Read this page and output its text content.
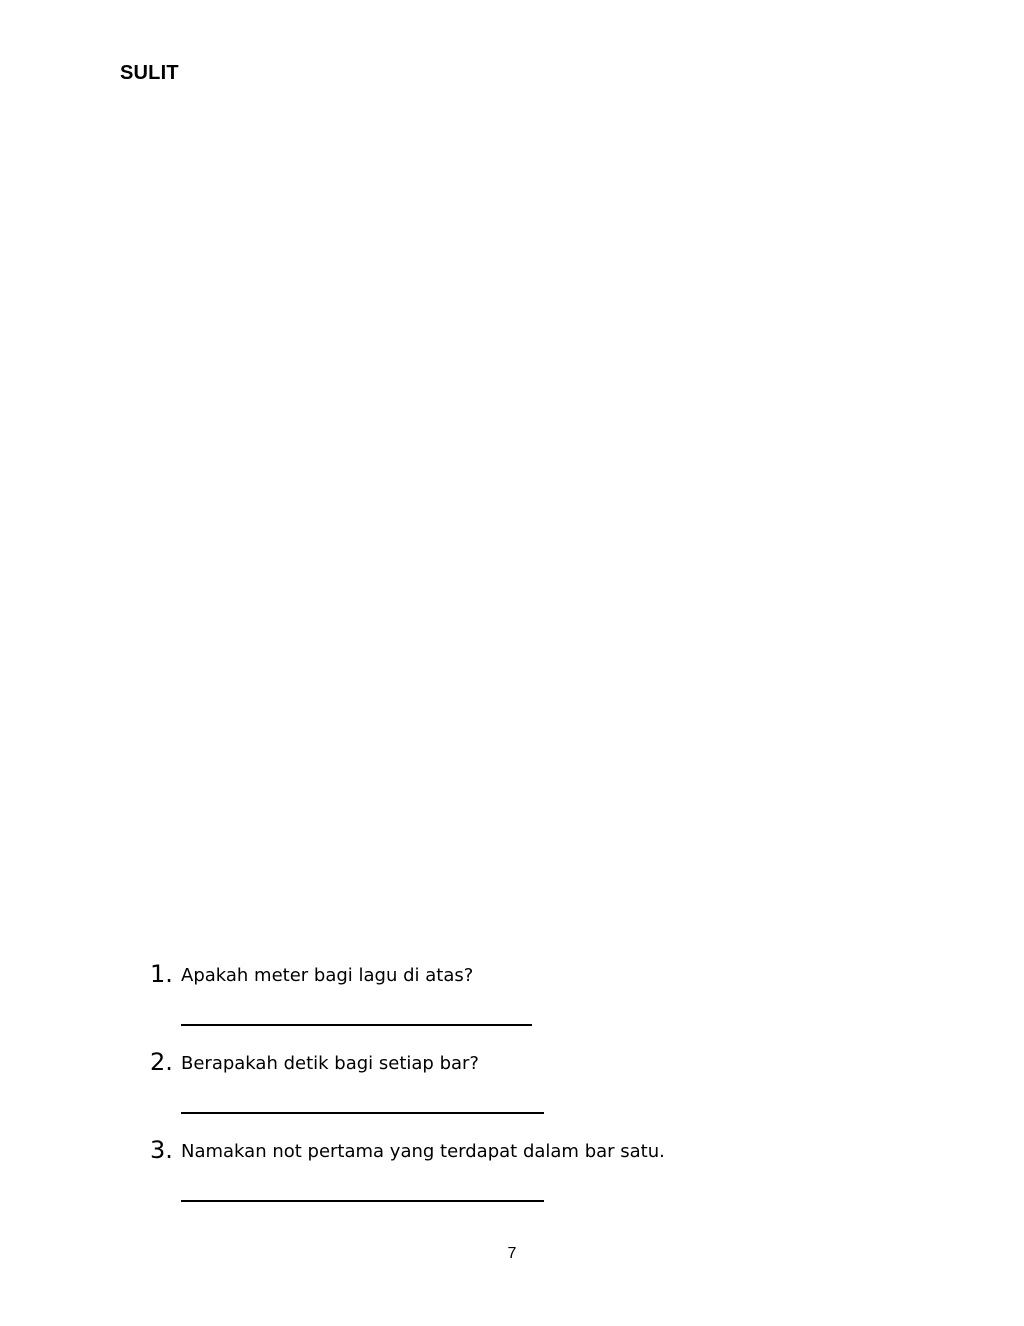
SULIT
1. Apakah meter bagi lagu di atas?
2. Berapakah detik bagi setiap bar?
3. Namakan not pertama yang terdapat dalam bar satu.
7
